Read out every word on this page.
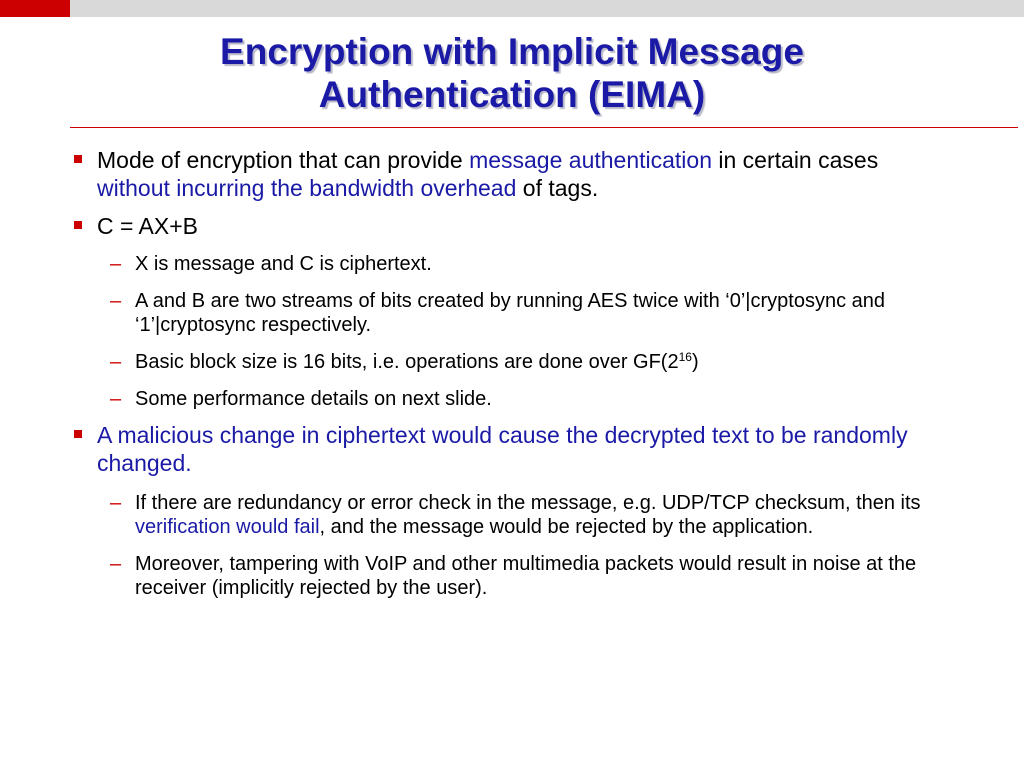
Encryption with Implicit Message
Authentication (EIMA)
Mode of encryption that can provide message authentication in certain cases without incurring the bandwidth overhead of tags.
C = AX+B
– X is message and C is ciphertext.
– A and B are two streams of bits created by running AES twice with ‘0’|cryptosync and ‘1’|cryptosync respectively.
– Basic block size is 16 bits, i.e. operations are done over $GF(2^{16})$
– Some performance details on next slide.
A malicious change in ciphertext would cause the decrypted text to be randomly changed.
– If there are redundancy or error check in the message, e.g. UDP/TCP checksum, then its verification would fail, and the message would be rejected by the application.
– Moreover, tampering with VoIP and other multimedia packets would result in noise at the receiver (implicitly rejected by the user).
